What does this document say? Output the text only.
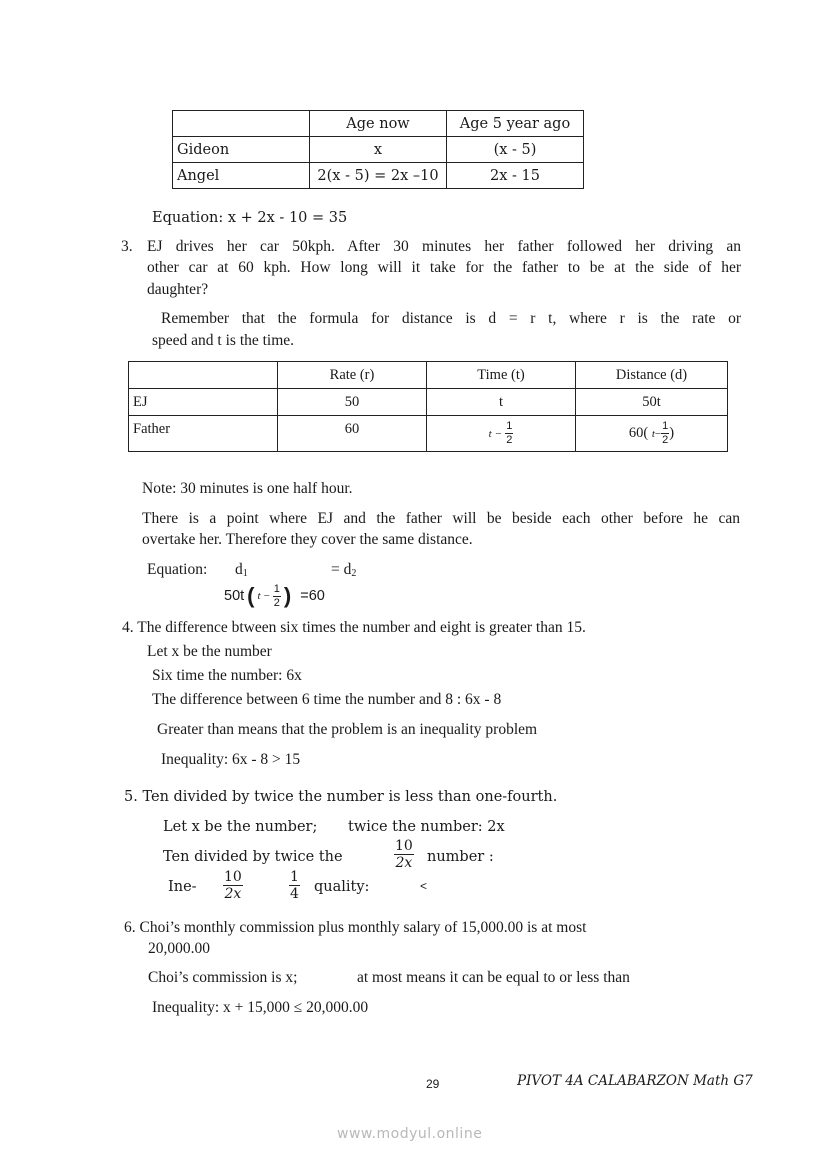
	Age now	Age 5 year ago
Gideon	x	(x - 5)
Angel	2(x - 5) = 2x –10	2x - 15
Equation: x + 2x - 10 = 35
3. EJ drives her car 50kph. After 30 minutes her father followed her driving an
other car at 60 kph. How long will it take for the father to be at the side of her
daughter?
Remember that the formula for distance is d = r t, where r is the rate or
speed and t is the time.
	Rate (r)	Time (t)	Distance (d)
EJ	50	t	50t
Father	60	$t - \frac{1}{2}$	60( $t- \frac{1}{2}$ )
Note: 30 minutes is one half hour.
There is a point where EJ and the father will be beside each other before he can
overtake her. Therefore they cover the same distance.
Equation: $d_1$	= $d_2$
50t ( $t - \frac{1}{2}$ ) =60
4. The difference btween six times the number and eight is greater than 15.
Let x be the number
Six time the number: 6x
The difference between 6 time the number and 8 : 6x - 8
Greater than means that the problem is an inequality problem
Inequality: 6x - 8 > 15
5. Ten divided by twice the number is less than one-fourth.
Let x be the number; twice the number: 2x
Ten divided by twice the	$\frac{10}{2x}$ number :
$Ine- \frac{10}{2x}$	$\frac{1}{4}$ quality:	<
6. Choi’s monthly commission plus monthly salary of 15,000.00 is at most
20,000.00
Choi’s commission is x;	at most means it can be equal to or less than
Inequality: x + 15,000 ≤ 20,000.00
29	PIVOT 4A CALABARZON Math G7
www.modyul.online
